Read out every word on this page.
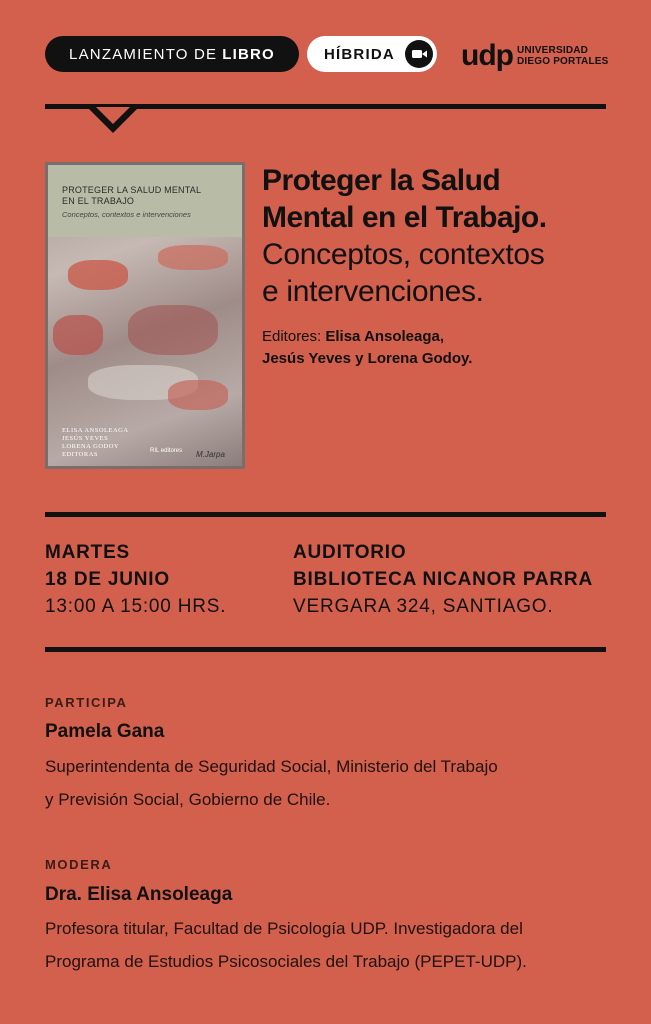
LANZAMIENTO DE LIBRO	HÍBRIDA udp UNIVERSIDAD
DIEGO PORTALES
PROTEGER LA SALUD MENTAL
EN EL TRABAJO
Conceptos, contextos e intervenciones
ELISA ANSOLEAGA
JESÚS YEVES
LORENA GODOY
EDITORAS	RIL editores M.Jarpa
Proteger la Salud
Mental en el Trabajo.
Conceptos, contextos
e intervenciones.
Editores: Elisa Ansoleaga,
Jesús Yeves y Lorena Godoy.
MARTES
18 DE JUNIO
13:00 A 15:00 HRS.
AUDITORIO
BIBLIOTECA NICANOR PARRA
VERGARA 324, SANTIAGO.
PARTICIPA
Pamela Gana
Superintendenta de Seguridad Social, Ministerio del Trabajo
y Previsión Social, Gobierno de Chile.
MODERA
Dra. Elisa Ansoleaga
Profesora titular, Facultad de Psicología UDP. Investigadora del
Programa de Estudios Psicosociales del Trabajo (PEPET-UDP).
